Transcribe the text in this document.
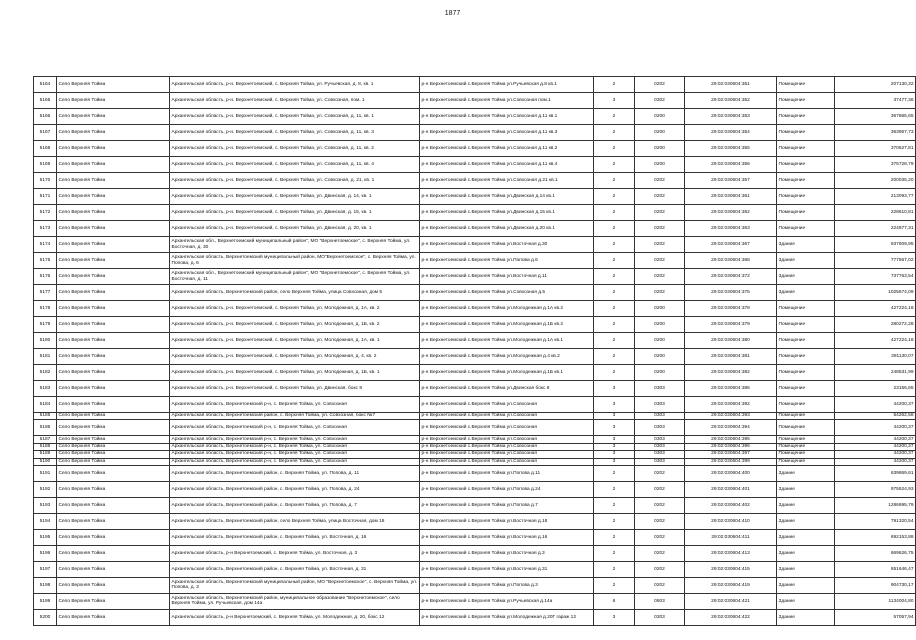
1877
5164	Село Верхняя Тойма	Архангельская область, р-н. Верхнетоемский, с. Верхняя Тойма, ул. Ручьевская, д. 8, кв. 1	р-н Верхнетоемский с.Верхняя Тойма ул.Ручьевская д.8 кв.1	2	0202	29:02:030604:351	Помещение	207130,32
5165	Село Верхняя Тойма	Архангельская область, р-н. Верхнетоемский, с. Верхняя Тойма, ул. Совхозная, пом. 1	р-н Верхнетоемский с.Верхняя Тойма ул.Совхозная пом.1	3	0302	29:02:030604:352	Помещение	37477,36
5166	Село Верхняя Тойма	Архангельская область, р-н. Верхнетоемский, с. Верхняя Тойма, ул. Совхозная, д. 11, кв. 1	р-н Верхнетоемский с.Верхняя Тойма ул.Совхозная д.11 кв.1	2	0200	29:02:030604:353	Помещение	367865,65
5167	Село Верхняя Тойма	Архангельская область, р-н. Верхнетоемский, с. Верхняя Тойма, ул. Совхозная, д. 11, кв. 3	р-н Верхнетоемский с.Верхняя Тойма ул.Совхозная д.11 кв.3	2	0200	29:02:030604:354	Помещение	363967,73
5168	Село Верхняя Тойма	Архангельская область, р-н. Верхнетоемский, с. Верхняя Тойма, ул. Совхозная, д. 11, кв. 2	р-н Верхнетоемский с.Верхняя Тойма ул.Совхозная д.11 кв.2	2	0200	29:02:030604:355	Помещение	370627,81
5169	Село Верхняя Тойма	Архангельская область, р-н. Верхнетоемский, с. Верхняя Тойма, ул. Совхозная, д. 11, кв. 4	р-н Верхнетоемский с.Верхняя Тойма ул.Совхозная д.11 кв.4	2	0200	29:02:030604:356	Помещение	375728,79
5170	Село Верхняя Тойма	Архангельская область, р-н. Верхнетоемский, с. Верхняя Тойма, ул. Совхозная, д. 21, кв. 1	р-н Верхнетоемский с.Верхняя Тойма ул.Совхозная д.21 кв.1	2	0202	29:02:030604:357	Помещение	200035,20
5171	Село Верхняя Тойма	Архангельская область, р-н. Верхнетоемский, с. Верхняя Тойма, ул. Двинская, д. 14, кв. 1	р-н Верхнетоемский с.Верхняя Тойма ул.Двинская д.14 кв.1	2	0202	29:02:030604:361	Помещение	213093,77
5172	Село Верхняя Тойма	Архангельская область, р-н. Верхнетоемский, с. Верхняя Тойма, ул. Двинская, д. 15, кв. 1	р-н Верхнетоемский с.Верхняя Тойма ул.Двинская д.15 кв.1	2	0202	29:02:030604:362	Помещение	228610,81
5173	Село Верхняя Тойма	Архангельская область, р-н. Верхнетоемский, с. Верхняя Тойма, ул. Двинская, д. 20, кв. 1	р-н Верхнетоемский с.Верхняя Тойма ул.Двинская д.20 кв.1	2	0202	29:02:030604:363	Помещение	224877,31
5174	Село Верхняя Тойма	Архангельская обл., Верхнетоемский муниципальный район", МО "Верхнетоемское", с. Верхняя Тойма, ул. Восточная, д. 30	р-н Верхнетоемский с.Верхняя Тойма ул.Восточная д.30	2	0202	29:02:030604:367	Здание	937609,95
5175	Село Верхняя Тойма	Архангельская область, Верхнетоемский муниципальный район, МО"Верхнетоемское", с. Верхняя Тойма, ул. Попова, д. 6	р-н Верхнетоемский с.Верхняя Тойма ул.Попова д.6	2	0202	29:02:030604:368	Здание	777567,02
5176	Село Верхняя Тойма	Архангельская обл., Верхнетоемский муниципальный район", МО "Верхнетоемское", с. Верхняя Тойма, ул. Восточная, д. 11	р-н Верхнетоемский с.Верхняя Тойма ул.Восточная д.11	2	0202	29:02:030604:372	Здание	737763,54
5177	Село Верхняя Тойма	Архангельская область, Верхнетоемский район, село Верхняя Тойма, улица Совхозная, дом 5	р-н Верхнетоемский с.Верхняя Тойма ул.Совхозная д.5	2	0202	29:02:030604:375	Здание	1025674,09
5178	Село Верхняя Тойма	Архангельская область, р-н. Верхнетоемский, с. Верхняя Тойма, ул. Молодежная, д. 1А, кв. 2	р-н Верхнетоемский с.Верхняя Тойма ул.Молодежная д.1А кв.2	2	0200	29:02:030604:378	Помещение	427224,18
5179	Село Верхняя Тойма	Архангельская область, р-н. Верхнетоемский, с. Верхняя Тойма, ул. Молодежная, д. 1Б, кв. 2	р-н Верхнетоемский с.Верхняя Тойма ул.Молодежная д.1Б кв.2	2	0200	29:02:030604:379	Помещение	280272,28
5180	Село Верхняя Тойма	Архангельская область, р-н. Верхнетоемский, с. Верхняя Тойма, ул. Молодежная, д. 1А, кв. 1	р-н Верхнетоемский с.Верхняя Тойма ул.Молодежная д.1А кв.1	2	0200	29:02:030604:380	Помещение	427224,18
5181	Село Верхняя Тойма	Архангельская область, р-н. Верхнетоемский, с. Верхняя Тойма, ул. Молодежная, д. 4, кв. 2	р-н Верхнетоемский с.Верхняя Тойма ул.Молодежная д.4 кв.2	2	0200	29:02:030604:381	Помещение	391130,07
5182	Село Верхняя Тойма	Архангельская область, р-н. Верхнетоемский, с. Верхняя Тойма, ул. Молодежная, д. 1Б, кв. 1	р-н Верхнетоемский с.Верхняя Тойма ул.Молодежная д.1Б кв.1	2	0200	29:02:030604:382	Помещение	248531,99
5183	Село Верхняя Тойма	Архангельская область, р-н. Верхнетоемский, с. Верхняя Тойма, ул. Двинская, бокс 8	р-н Верхнетоемский с.Верхняя Тойма ул.Двинская бокс 8	3	0303	29:02:030604:386	Помещение	23156,65
5184	Село Верхняя Тойма	Архангельская область, Верхнетоемский р-н, с. Верхняя Тойма, ул. Совхозная	р-н Верхнетоемский с.Верхняя Тойма ул.Совхозная	3	0303	29:02:030604:392	Помещение	44200,37
5185	Село Верхняя Тойма	Архангельская область, Верхнетоемский район, с. Верхняя Тойма, ул. Совхозная, бокс №7	р-н Верхнетоемский с.Верхняя Тойма ул.Совхозная	3	0303	29:02:030604:393	Помещение	54262,58
5186	Село Верхняя Тойма	Архангельская область, Верхнетоемский р-н, с. Верхняя Тойма, ул. Совхозная	р-н Верхнетоемский с.Верхняя Тойма ул.Совхозная	3	0303	29:02:030604:394	Помещение	44200,37
5187	Село Верхняя Тойма	Архангельская область, Верхнетоемский р-н, с. Верхняя Тойма, ул. Совхозная	р-н Верхнетоемский с.Верхняя Тойма ул.Совхозная	3	0303	29:02:030604:395	Помещение	44200,37
5188	Село Верхняя Тойма	Архангельская область, Верхнетоемский р-н, с. Верхняя Тойма, ул. Совхозная	р-н Верхнетоемский с.Верхняя Тойма ул.Совхозная	3	0303	29:02:030604:396	Помещение	44200,37
5189	Село Верхняя Тойма	Архангельская область, Верхнетоемский р-н, с. Верхняя Тойма, ул. Совхозная	р-н Верхнетоемский с.Верхняя Тойма ул.Совхозная	3	0303	29:02:030604:397	Помещение	44200,37
5190	Село Верхняя Тойма	Архангельская область, Верхнетоемский р-н, с. Верхняя Тойма, ул. Совхозная	р-н Верхнетоемский с.Верхняя Тойма ул.Совхозная	3	0303	29:02:030604:399	Помещение	44200,37
5191	Село Верхняя Тойма	Архангельская область, Верхнетоемский район, с. Верхняя Тойма, ул. Попова, д. 11	р-н Верхнетоемский с.Верхняя Тойма ул.Попова д.11	2	0202	29:02:030604:400	Здание	639869,61
5192	Село Верхняя Тойма	Архангельская область, Верхнетоемский район, с. Верхняя Тойма, ул. Попова, д. 24	р-н Верхнетоемский с.Верхняя Тойма ул.Попова д.24	2	0202	29:02:030604:401	Здание	975524,93
5193	Село Верхняя Тойма	Архангельская область, Верхнетоемский район, с. Верхняя Тойма, ул. Попова, д. 7	р-н Верхнетоемский с.Верхняя Тойма ул.Попова д.7	2	0202	29:02:030604:402	Здание	1286695,79
5194	Село Верхняя Тойма	Архангельская область, Верхнетоемский район, село Верхняя Тойма, улица Восточная, дом 18	р-н Верхнетоемский с.Верхняя Тойма ул.Восточная д.18	2	0202	29:02:030604:410	Здание	791320,54
5195	Село Верхняя Тойма	Архангельская область, Верхнетоемский район, с. Верхняя Тойма, ул. Восточная, д. 16	р-н Верхнетоемский с.Верхняя Тойма ул.Восточная д.16	2	0202	29:02:030604:411	Здание	692153,88
5196	Село Верхняя Тойма	Архангельская область, р-н Верхнетоемский, с. Верхняя Тойма, ул. Восточная, д. 3	р-н Верхнетоемский с.Верхняя Тойма ул.Восточная д.3	2	0202	29:02:030604:413	Здание	669626,75
5197	Село Верхняя Тойма	Архангельская область, Верхнетоемский район, с. Верхняя Тойма, ул. Восточная, д. 31	р-н Верхнетоемский с.Верхняя Тойма ул.Восточная д.31	2	0202	29:02:030604:415	Здание	651646,47
5198	Село Верхняя Тойма	Архангельская область, Верхнетоемский муниципальный район, МО "Верхнетоемское", с. Верхняя Тойма, ул. Попова, д. 3	р-н Верхнетоемский с.Верхняя Тойма ул.Попова д.3	2	0202	29:02:030604:419	Здание	904730,17
5199	Село Верхняя Тойма	Архангельская область, Верхнетоемский район, муниципальное образование "Верхнетоемское", село Верхняя Тойма, ул. Ручьевская, дом 14а	р-н Верхнетоемский с.Верхняя Тойма ул.Ручьевская д.14а	6	0603	29:02:030604:421	Здание	1134004,80
5200	Село Верхняя Тойма	Архангельская область, р-н Верхнетоемский, с. Верхняя Тойма, ул. Молодежная, д. 20, бокс 12	р-н Верхнетоемский с.Верхняя Тойма ул.Молодежная д.20Г гараж 12	3	0303	29:02:030604:422	Здание	57057,94
